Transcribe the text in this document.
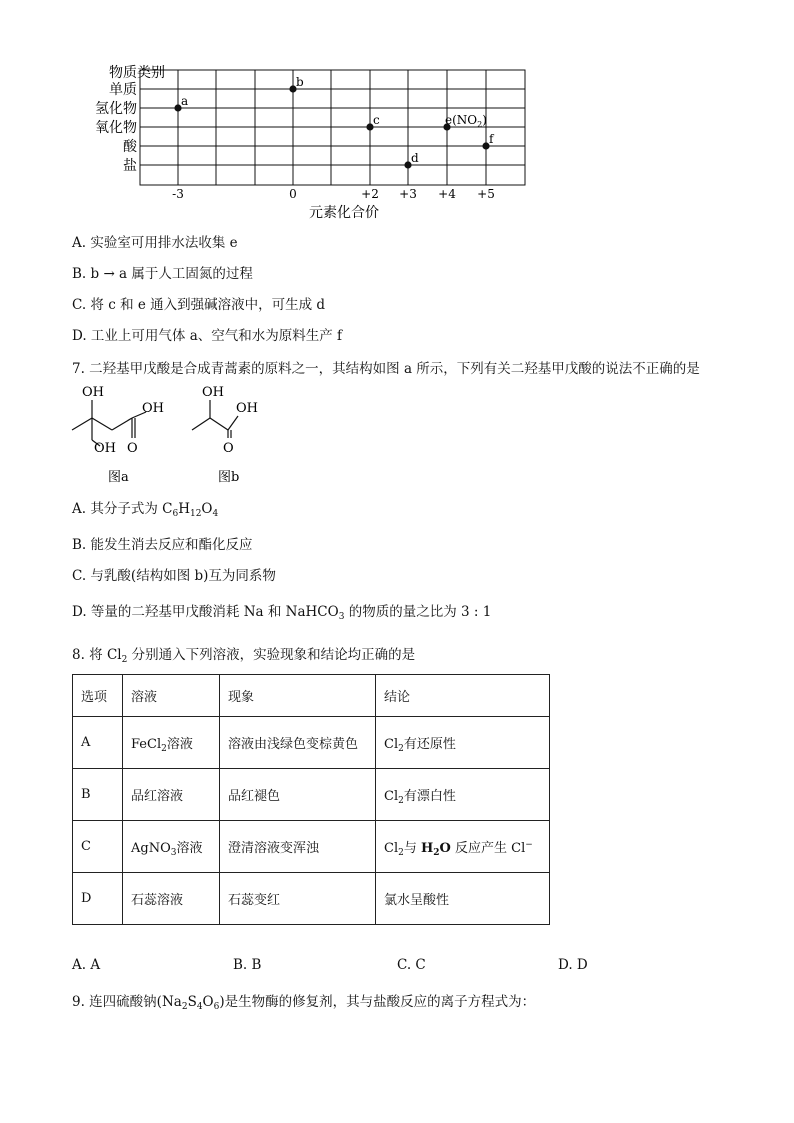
单质
氢化物
氧化物
酸
盐
-3	0	+2 +3 +4 +5
a
b
c
d
$e(NO_2)$
f
物质类别
元素化合价
A. 实验室可用排水法收集 e
B. b → a 属于人工固氮的过程
C. 将 c 和 e 通入到强碱溶液中，可生成 d
D. 工业上可用气体 a、空气和水为原料生产 f
7. 二羟基甲戊酸是合成青蒿素的原料之一，其结构如图 a 所示，下列有关二羟基甲戊酸的说法不正确的是
OH
OH
OH O
图a
OH
OH
O
图b
A. 其分子式为 $C_6H_{12}O_4$
B. 能发生消去反应和酯化反应
C. 与乳酸(结构如图 b)互为同系物
D. 等量的二羟基甲戊酸消耗 Na 和 NaHCO$_3$ 的物质的量之比为 3 : 1
8. 将 $Cl_2$ 分别通入下列溶液，实验现象和结论均正确的是
选项	溶液	现象	结论
A	FeCl$_2$溶液	溶液由浅绿色变棕黄色	$Cl_2$有还原性
B	品红溶液	品红褪色	$Cl_2$有漂白性
C	AgNO$_3$溶液	澄清溶液变浑浊	$Cl_2$与 $H_2O$ 反应产生 Cl−
D	石蕊溶液	石蕊变红	氯水呈酸性
A. A	B. B	C. C	D. D
9. 连四硫酸钠$(Na_2S_4O_6)$是生物酶的修复剂，其与盐酸反应的离子方程式为：
